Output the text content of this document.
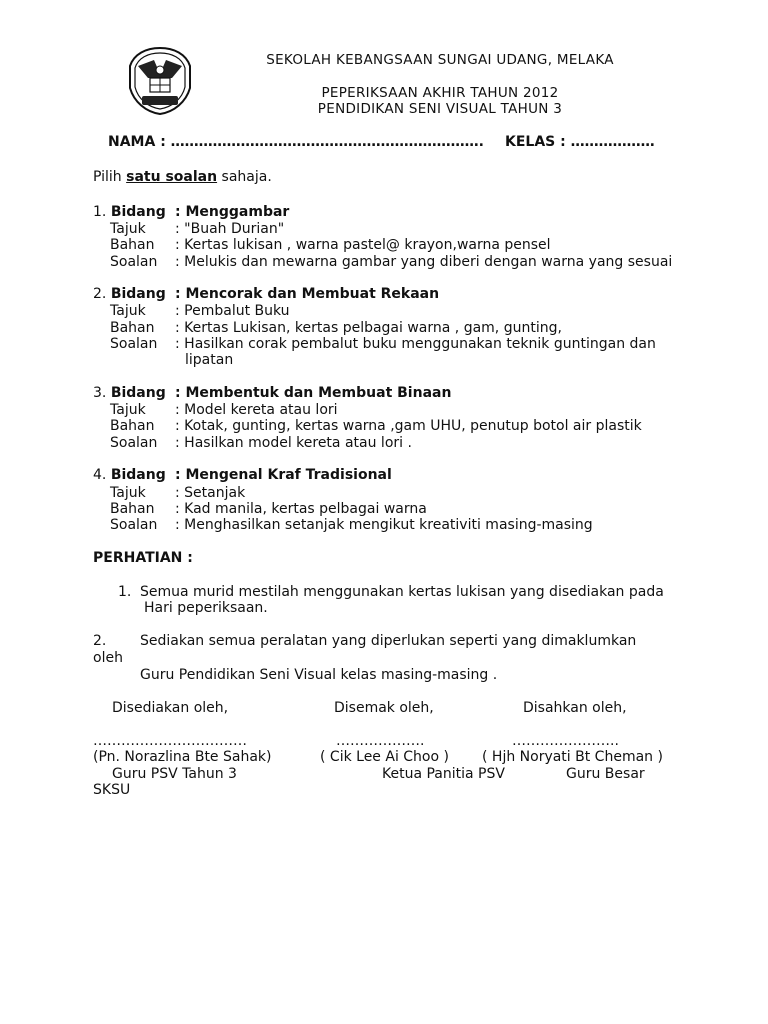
SEKOLAH KEBANGSAAN SUNGAI UDANG, MELAKA
PEPERIKSAAN AKHIR TAHUN 2012
PENDIDIKAN SENI VISUAL TAHUN 3
NAMA : …………………………………………………………. KELAS : ………………
Pilih satu soalan sahaja.
1. Bidang : Menggambar
Tajuk : "Buah Durian"
Bahan : Kertas lukisan , warna pastel@ krayon,warna pensel
Soalan : Melukis dan mewarna gambar yang diberi dengan warna yang sesuai
2. Bidang : Mencorak dan Membuat Rekaan
Tajuk : Pembalut Buku
Bahan : Kertas Lukisan, kertas pelbagai warna , gam, gunting,
Soalan : Hasilkan corak pembalut buku menggunakan teknik guntingan dan
lipatan
3. Bidang : Membentuk dan Membuat Binaan
Tajuk : Model kereta atau lori
Bahan : Kotak, gunting, kertas warna ,gam UHU, penutup botol air plastik
Soalan : Hasilkan model kereta atau lori .
4. Bidang : Mengenal Kraf Tradisional
Tajuk : Setanjak
Bahan : Kad manila, kertas pelbagai warna
Soalan : Menghasilkan setanjak mengikut kreativiti masing-masing
PERHATIAN :
1. Semua murid mestilah menggunakan kertas lukisan yang disediakan pada
Hari peperiksaan.
2. Sediakan semua peralatan yang diperlukan seperti yang dimaklumkan
oleh
Guru Pendidikan Seni Visual kelas masing-masing .
Disediakan oleh,	Disemak oleh,	Disahkan oleh,
……………………………	……………….	…………………..
(Pn. Norazlina Bte Sahak)	( Cik Lee Ai Choo ) ( Hjh Noryati Bt Cheman )
Guru PSV Tahun 3	Ketua Panitia PSV	Guru Besar
SKSU
